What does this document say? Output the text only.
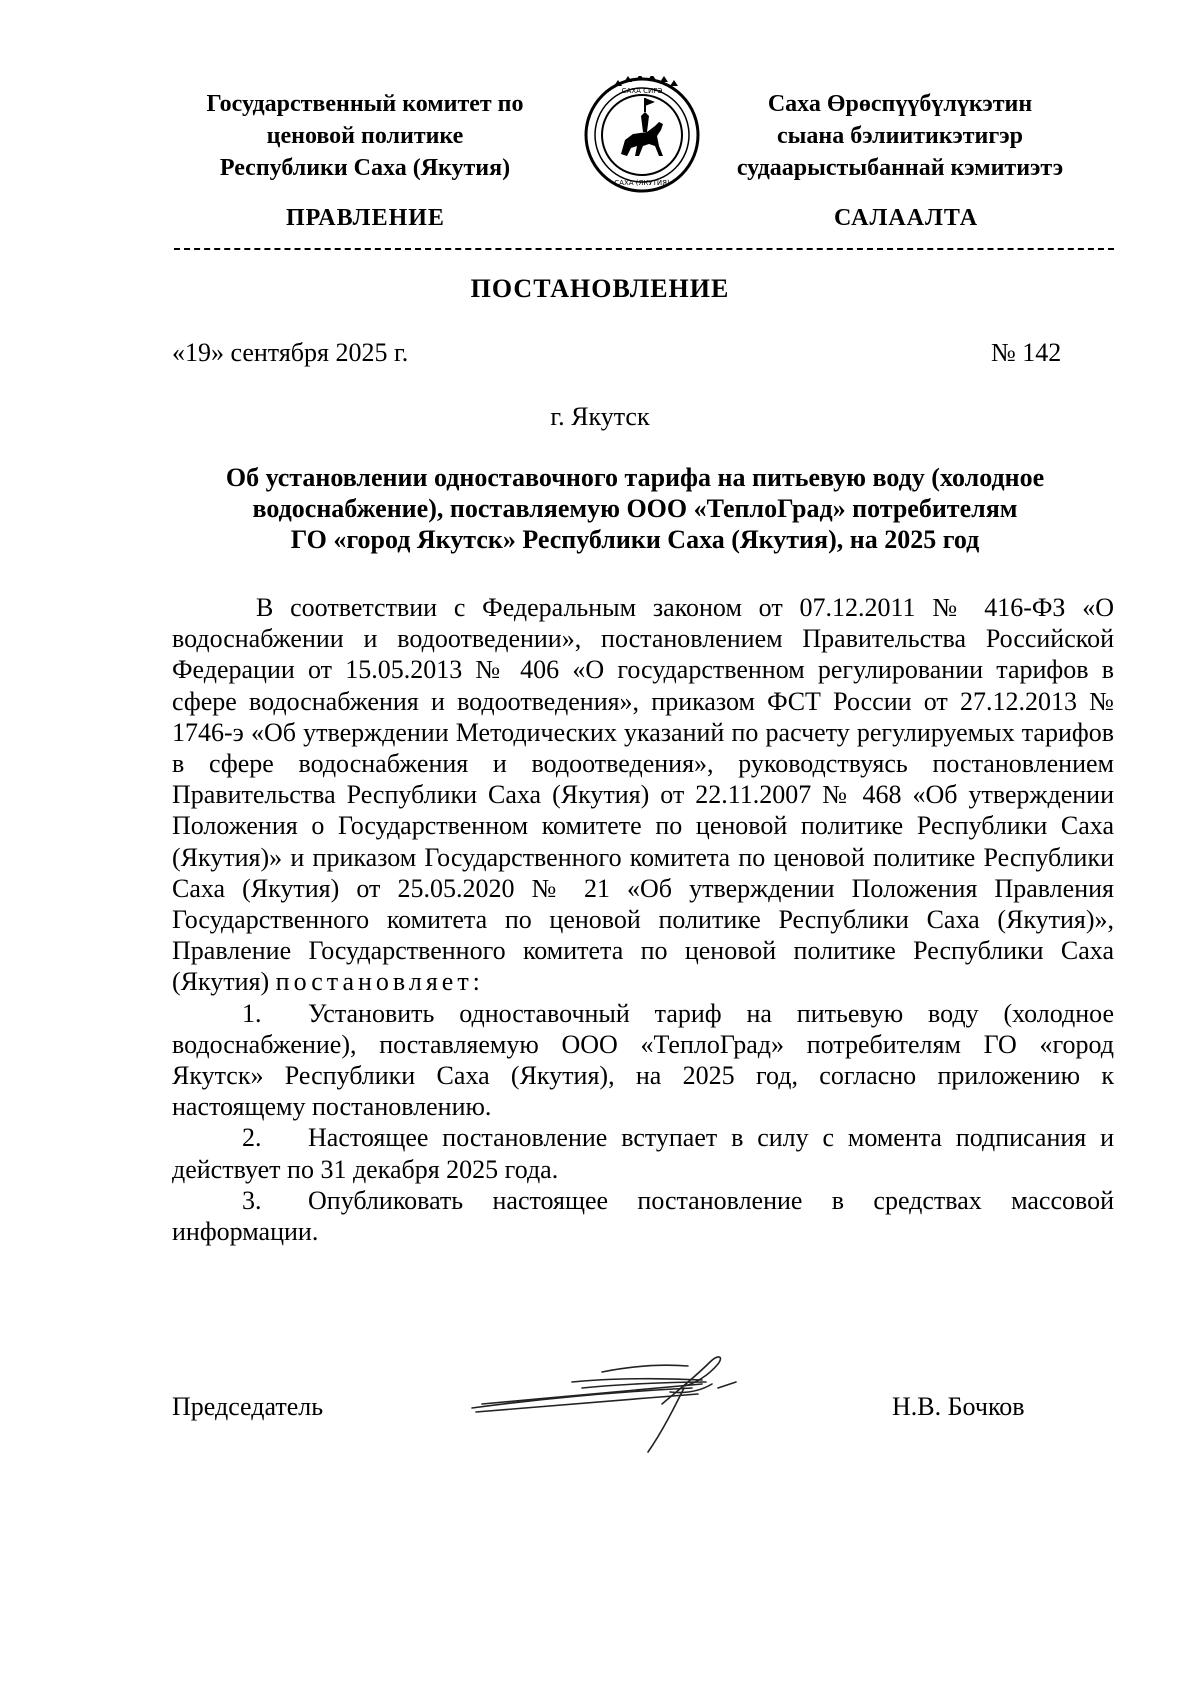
Государственный комитет по
ценовой политике
Республики Саха (Якутия)
САХА СИРЭ
САХА (ЯКУТИЯ)
Саха Өрөспүүбүлүкэтин
сыана бэлиитикэтигэр
судаарыстыбаннай кэмитиэтэ
ПРАВЛЕНИЕ	САЛААЛТА
ПОСТАНОВЛЕНИЕ
«19» сентября 2025 г.	№ 142
г. Якутск
Об установлении одноставочного тарифа на питьевую воду (холодное
водоснабжение), поставляемую ООО «ТеплоГрад» потребителям
ГО «город Якутск» Республики Саха (Якутия), на 2025 год

В соответствии с Федеральным законом от 07.12.2011 № 416-ФЗ «О водоснабжении и водоотведении», постановлением Правительства Российской Федерации от 15.05.2013 № 406 «О государственном регулировании тарифов в сфере водоснабжения и водоотведения», приказом ФСТ России от 27.12.2013 № 1746-э «Об утверждении Методических указаний по расчету регулируемых тарифов в сфере водоснабжения и водоотведения», руководствуясь постановлением Правительства Республики Саха (Якутия) от 22.11.2007 № 468 «Об утверждении Положения о Государственном комитете по ценовой политике Республики Саха (Якутия)» и приказом Государственного комитета по ценовой политике Республики Саха (Якутия) от 25.05.2020 № 21 «Об утверждении Положения Правления Государственного комитета по ценовой политике Республики Саха (Якутия)», Правление Государственного комитета по ценовой политике Республики Саха (Якутия) постановляет:

1. Установить одноставочный тариф на питьевую воду (холодное водоснабжение), поставляемую ООО «ТеплоГрад» потребителям ГО «город Якутск» Республики Саха (Якутия), на 2025 год, согласно приложению к настоящему постановлению.

2. Настоящее постановление вступает в силу с момента подписания и действует по 31 декабря 2025 года.

3. Опубликовать настоящее постановление в средствах массовой информации.

Председатель	Н.В. Бочков
